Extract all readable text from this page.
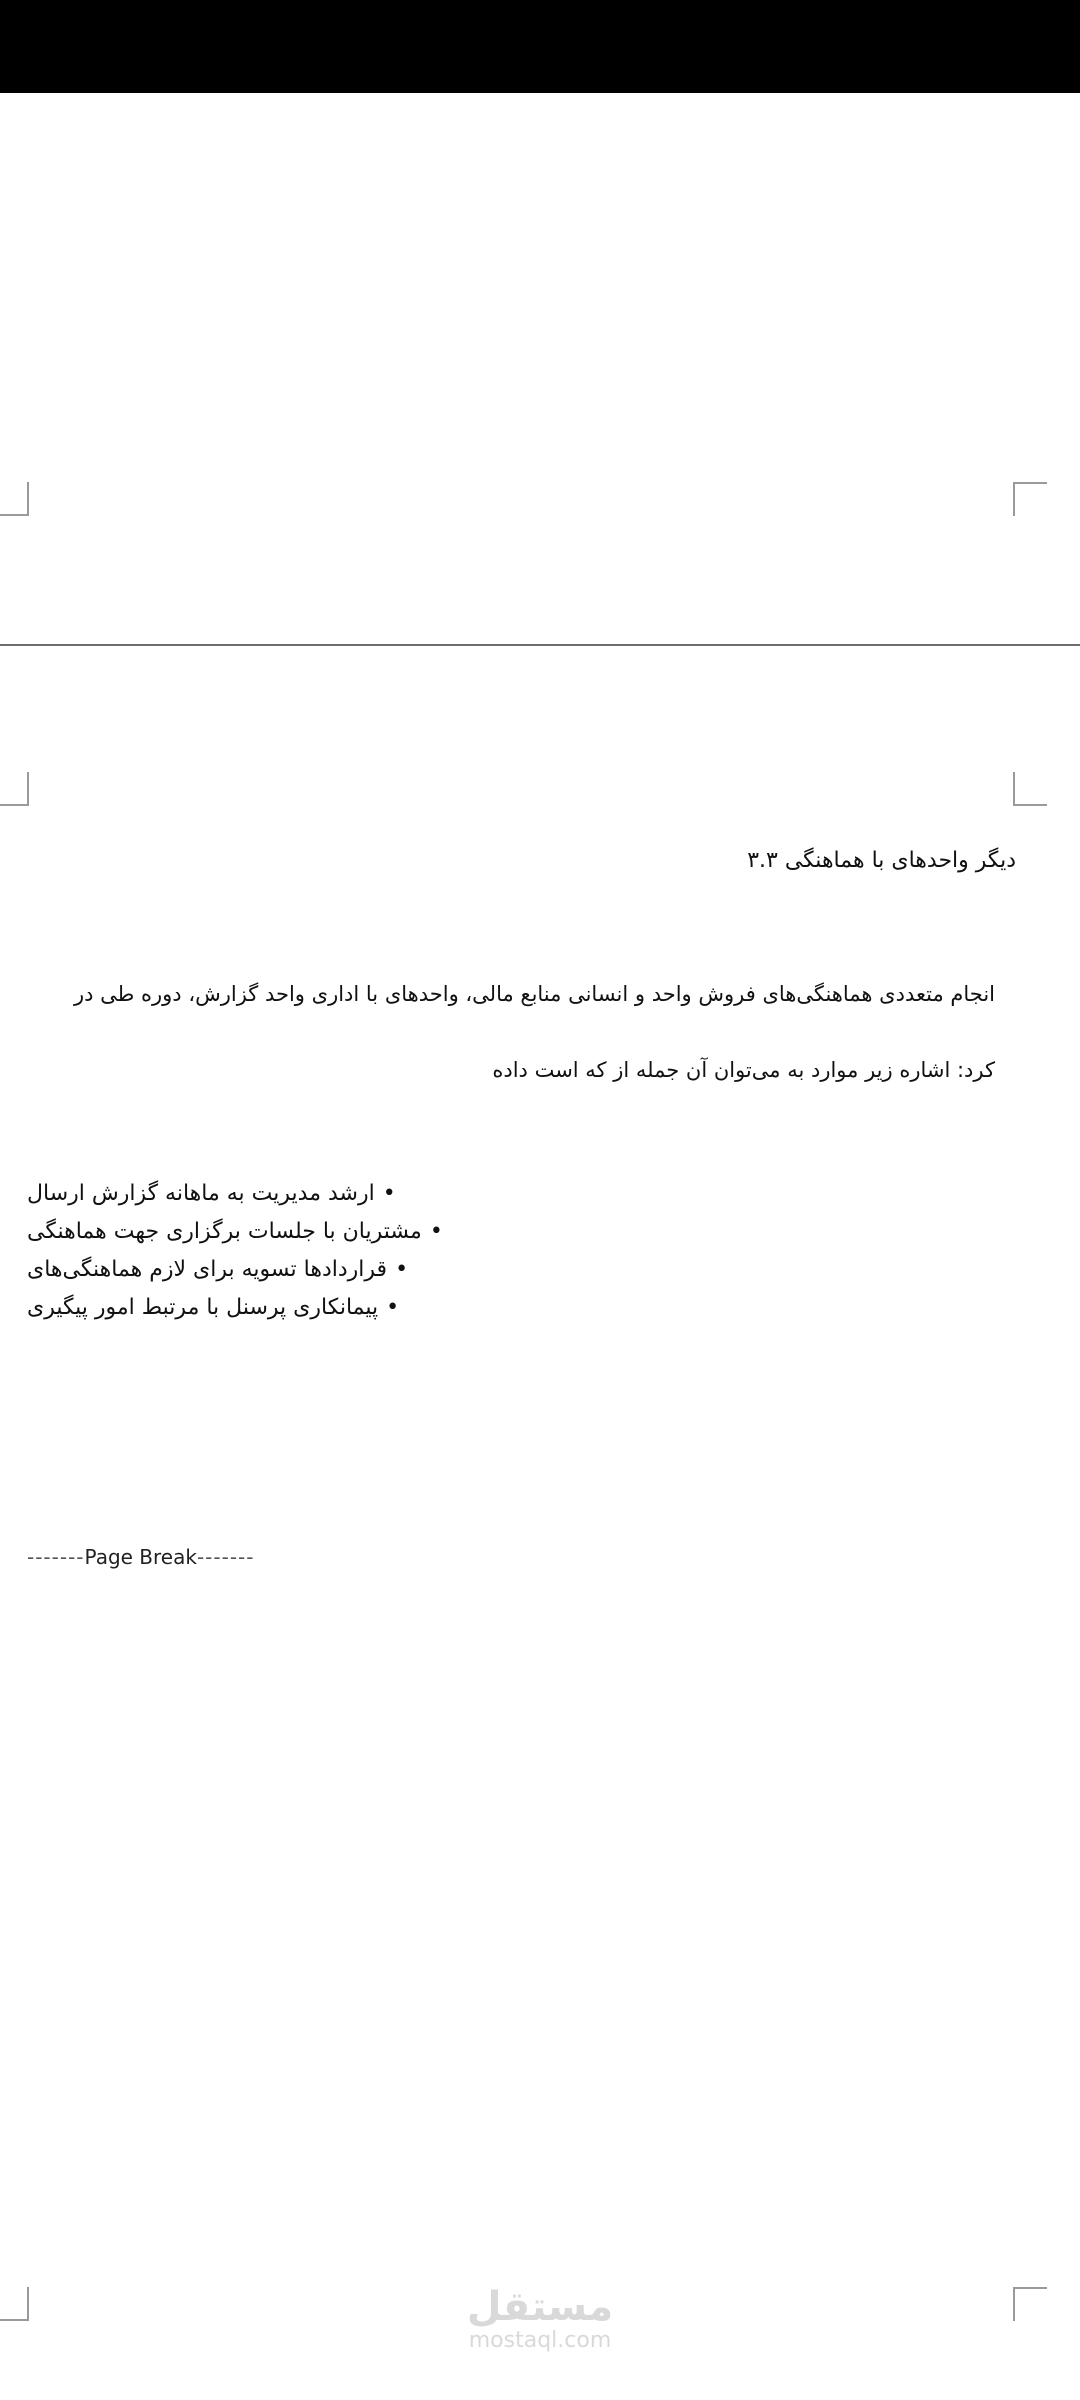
دیگر واحدهای با هماهنگی ۳.۳

انجام متعددی هماهنگی‌های فروش واحد و انسانی منابع مالی، واحدهای با اداری واحد گزارش، دوره طی در

کرد: اشاره زیر موارد به می‌توان آن جمله از که است داده

ارشد مدیریت به ماهانه گزارش ارسال •
مشتریان با جلسات برگزاری جهت هماهنگی •
قراردادها تسویه برای لازم هماهنگی‌های •
پیمانکاری پرسنل با مرتبط امور پیگیری •
-------Page Break-------
مستقل
mostaql.com
